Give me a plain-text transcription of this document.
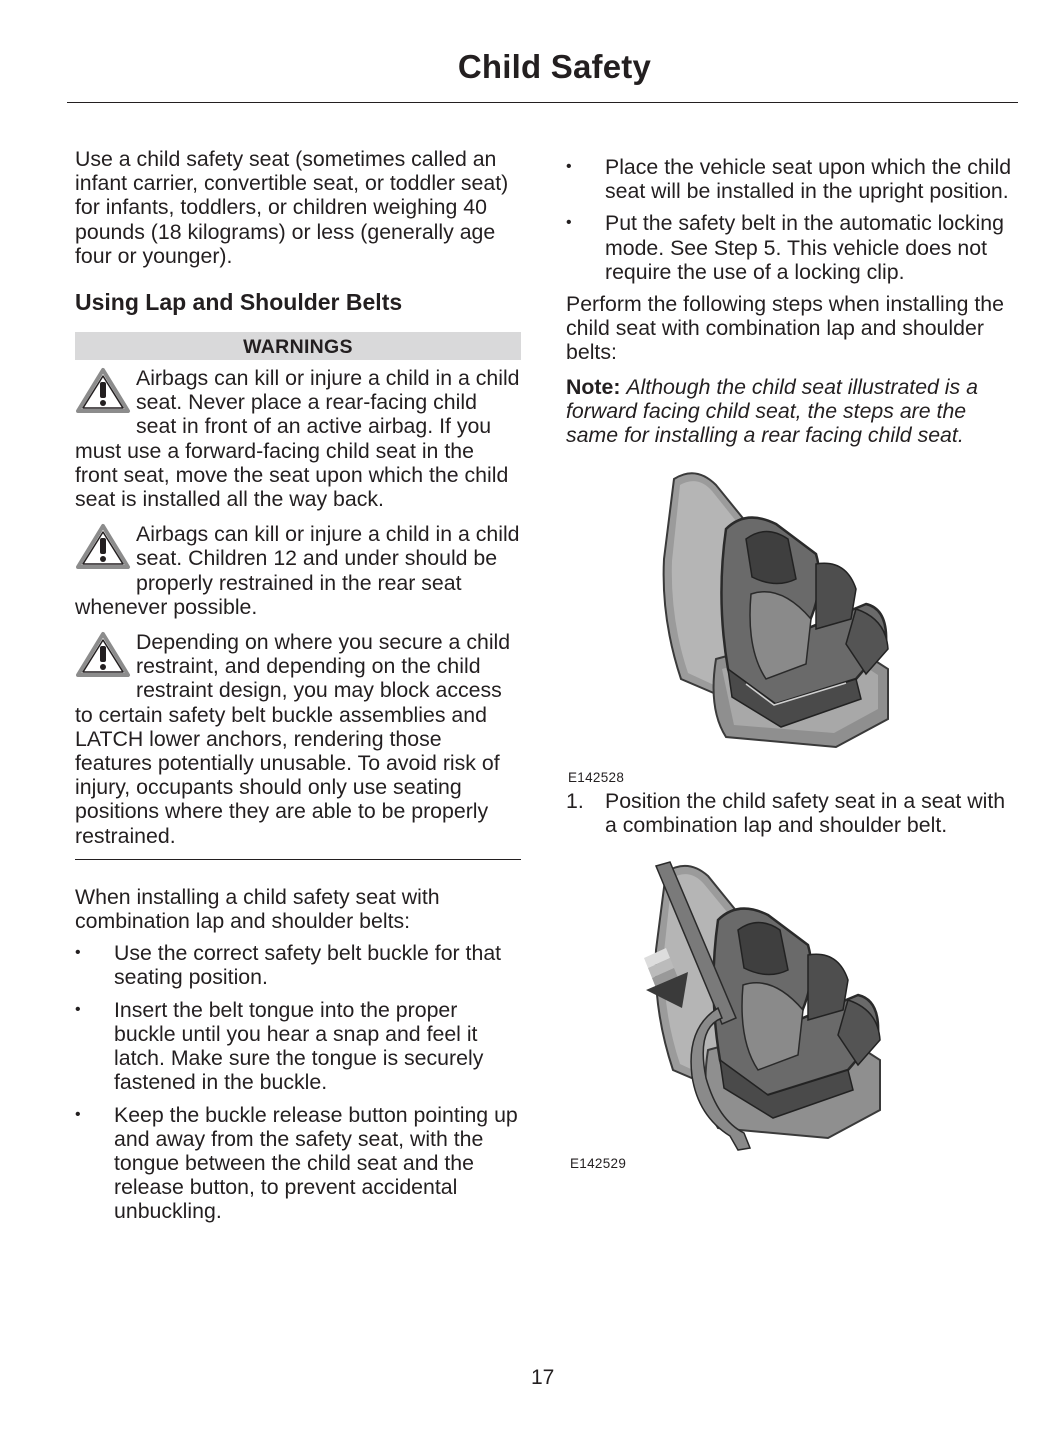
Child Safety

Use a child safety seat (sometimes called an infant carrier, convertible seat, or toddler seat) for infants, toddlers, or children weighing 40 pounds (18 kilograms) or less (generally age four or younger).

Using Lap and Shoulder Belts
WARNINGS
Airbags can kill or injure a child in a child seat. Never place a rear-facing child seat in front of an active airbag. If you must use a forward-facing child seat in the front seat, move the seat upon which the child seat is installed all the way back.
Airbags can kill or injure a child in a child seat. Children 12 and under should be properly restrained in the rear seat whenever possible.
Depending on where you secure a child restraint, and depending on the child restraint design, you may block access to certain safety belt buckle assemblies and LATCH lower anchors, rendering those features potentially unusable. To avoid risk of injury, occupants should only use seating positions where they are able to be properly restrained.

When installing a child safety seat with combination lap and shoulder belts:

• Use the correct safety belt buckle for that seating position.
• Insert the belt tongue into the proper buckle until you hear a snap and feel it latch. Make sure the tongue is securely fastened in the buckle.
• Keep the buckle release button pointing up and away from the safety seat, with the tongue between the child seat and the release button, to prevent accidental unbuckling.
• Place the vehicle seat upon which the child seat will be installed in the upright position.
• Put the safety belt in the automatic locking mode. See Step 5. This vehicle does not require the use of a locking clip.

Perform the following steps when installing the child seat with combination lap and shoulder belts:

Note: Although the child seat illustrated is a forward facing child seat, the steps are the same for installing a rear facing child seat.

E142528
1. Position the child safety seat in a seat with a combination lap and shoulder belt.
E142529
17
